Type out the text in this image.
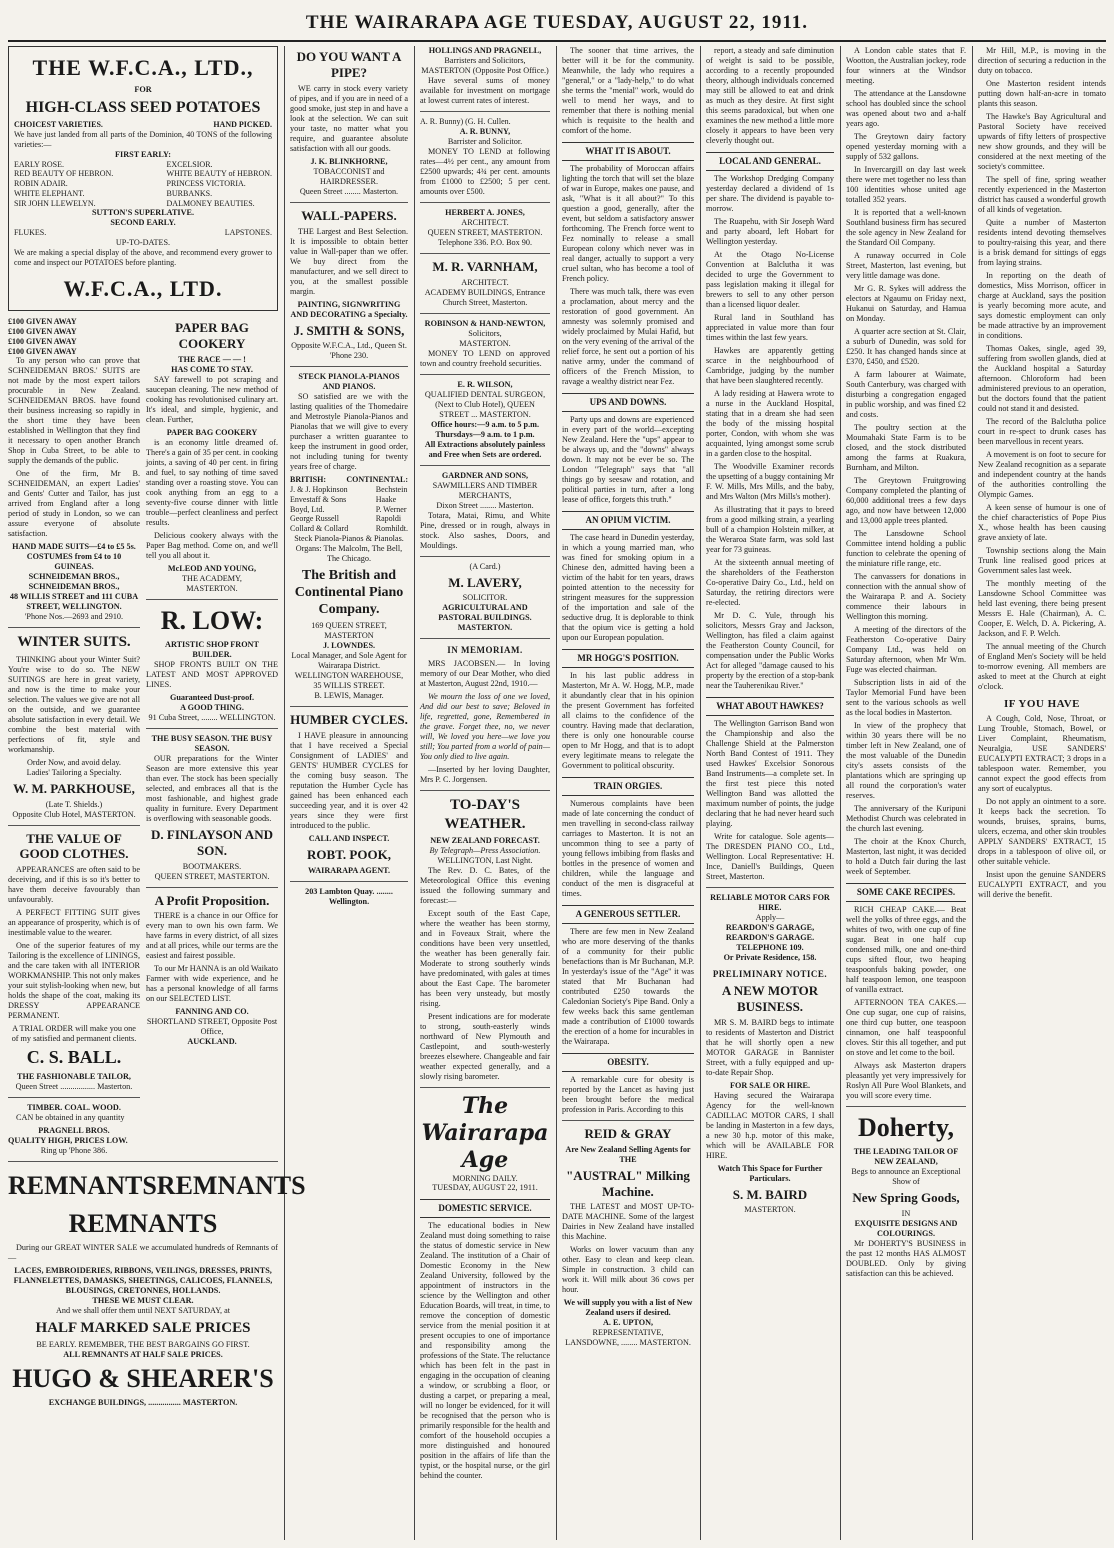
THE WAIRARAPA AGE TUESDAY, AUGUST 22, 1911.
THE W.F.C.A., LTD.,
FOR
HIGH-CLASS SEED POTATOES
CHOICEST VARIETIES.	HAND PICKED.
We have just landed from all parts of the Dominion, 40 TONS of the following varieties:—
FIRST EARLY:
EARLY ROSE.
RED BEAUTY OF HEBRON.
ROBIN ADAIR.
WHITE ELEPHANT.
SIR JOHN LLEWELYN.
EXCELSIOR.
WHITE BEAUTY of HEBRON.
PRINCESS VICTORIA.
BURBANKS.
DALMONEY BEAUTIES.
SUTTON'S SUPERLATIVE.
SECOND EARLY.
FLUKES.	LAPSTONES.
UP-TO-DATES.
We are making a special display of the above, and recommend every grower to come and inspect our POTATOES before planting.
W.F.C.A., LTD.
£100 GIVEN AWAY
£100 GIVEN AWAY
£100 GIVEN AWAY
£100 GIVEN AWAY
To any person who can prove that SCHNEIDEMAN BROS.' SUITS are not made by the most expert tailors procurable in New Zealand. SCHNEIDEMAN BROS. have found their business increasing so rapidly in the short time they have been established in Wellington that they find it necessary to open another Branch Shop in Cuba Street, to be able to supply the demands of the public.
One of the firm, Mr B. SCHNEIDEMAN, an expert Ladies' and Gents' Cutter and Tailor, has just arrived from England after a long period of study in London, so we can assure everyone of absolute satisfaction.
HAND MADE SUITS—£4 to £5 5s. COSTUMES from £4 to 10 GUINEAS.
SCHNEIDEMAN BROS., SCHNEIDEMAN BROS.,
48 WILLIS STREET and 111 CUBA STREET, WELLINGTON.
'Phone Nos.—2693 and 2910.
WINTER SUITS.
THINKING about your Winter Suit? You're wise to do so. The NEW SUITINGS are here in great variety, and now is the time to make your selection. The values we give are not all on the outside, and we guarantee absolute satisfaction in every detail. We combine the best material with perfections of fit, style and workmanship.
Order Now, and avoid delay.
Ladies' Tailoring a Specialty.
W. M. PARKHOUSE,
(Late T. Shields.)
Opposite Club Hotel, MASTERTON.
THE VALUE OF GOOD CLOTHES.
APPEARANCES are often said to be deceiving, and if this is so it's better to have them deceive favourably than unfavourably.
A PERFECT FITTING SUIT gives an appearance of prosperity, which is of inestimable value to the wearer.
One of the superior features of my Tailoring is the excellence of LININGS, and the care taken with all INTERIOR WORKMANSHIP. This not only makes your suit stylish-looking when new, but holds the shape of the coat, making its DRESSY APPEARANCE PERMANENT.
A TRIAL ORDER will make you one of my satisfied and permanent clients.
C. S. BALL.
THE FASHIONABLE TAILOR,
Queen Street ................. Masterton.
TIMBER. COAL. WOOD.
CAN be obtained in any quantity
PRAGNELL BROS.
QUALITY HIGH, PRICES LOW.
Ring up 'Phone 386.
PAPER BAG COOKERY
THE RACE — — !
HAS COME TO STAY.
SAY farewell to pot scraping and saucepan cleaning. The new method of cooking has revolutionised culinary art. It's ideal, and simple, hygienic, and clean. Further,
PAPER BAG COOKERY
is an economy little dreamed of. There's a gain of 35 per cent. in cooking joints, a saving of 40 per cent. in firing and fuel, to say nothing of time saved standing over a roasting stove. You can cook anything from an egg to a seventy-five course dinner with little trouble—perfect cleanliness and perfect results.
Delicious cookery always with the Paper Bag method. Come on, and we'll tell you all about it.
McLEOD AND YOUNG,
THE ACADEMY,
MASTERTON.
R. LOW:
ARTISTIC SHOP FRONT BUILDER.
SHOP FRONTS BUILT ON THE LATEST AND MOST APPROVED LINES.
Guaranteed Dust-proof.
A GOOD THING.
91 Cuba Street, ........ WELLINGTON.
THE BUSY SEASON. THE BUSY SEASON.
OUR preparations for the Winter Season are more extensive this year than ever. The stock has been specially selected, and embraces all that is the most fashionable, and highest grade quality in furniture. Every Department is overflowing with seasonable goods.
D. FINLAYSON AND SON.
BOOTMAKERS.
QUEEN STREET, MASTERTON.
A Profit Proposition.
THERE is a chance in our Office for every man to own his own farm. We have farms in every district, of all sizes and at all prices, while our terms are the easiest and fairest possible.
To our Mr HANNA is an old Waikato Farmer with wide experience, and he has a personal knowledge of all farms on our SELECTED LIST.
FANNING AND CO.
SHORTLAND STREET, Opposite Post Office,
AUCKLAND.
REMNANTS REMNANTS
REMNANTS
During our GREAT WINTER SALE we accumulated hundreds of Remnants of —
LACES, EMBROIDERIES, RIBBONS, VEILINGS, DRESSES, PRINTS, FLANNELETTES, DAMASKS, SHEETINGS, CALICOES, FLANNELS, BLOUSINGS, CRETONNES, HOLLANDS.
THESE WE MUST CLEAR.
And we shall offer them until NEXT SATURDAY, at
HALF MARKED SALE PRICES
BE EARLY. REMEMBER, THE BEST BARGAINS GO FIRST.
ALL REMNANTS AT HALF SALE PRICES.
HUGO & SHEARER'S
EXCHANGE BUILDINGS, ................ MASTERTON.
DO YOU WANT A PIPE?
WE carry in stock every variety of pipes, and if you are in need of a good smoke, just step in and have a look at the selection. We can suit your taste, no matter what you require, and guarantee absolute satisfaction with all our goods.
J. K. BLINKHORNE,
TOBACCONIST and HAIRDRESSER.
Queen Street ........ Masterton.
WALL-PAPERS.
THE Largest and Best Selection. It is impossible to obtain better value in Wall-paper than we offer. We buy direct from the manufacturer, and we sell direct to you, at the smallest possible margin.
PAINTING, SIGNWRITING AND DECORATING a Specialty.
J. SMITH & SONS,
Opposite W.F.C.A., Ltd., Queen St. 'Phone 230.
STECK PIANOLA-PIANOS AND PIANOS.
SO satisfied are we with the lasting qualities of the Thomedaire and Metrostyle Pianola-Pianos and Pianolas that we will give to every purchaser a written guarantee to keep the instrument in good order, not including tuning for twenty years free of charge.
BRITISH:	CONTINENTAL:
J. & J. Hopkinson
Envestaff & Sons
Boyd, Ltd.
George Russell
Collard & Collard
Bechstein
Haake
P. Werner
Rapoldi
Romhildt.
Steck Pianola-Pianos & Pianolas.
Organs: The Malcolm, The Bell, The Chicago.
The British and Continental Piano Company.
169 QUEEN STREET, MASTERTON
J. LOWNDES.
Local Manager, and Sole Agent for Wairarapa District.
WELLINGTON WAREHOUSE, 35 WILLIS STREET.
B. LEWIS, Manager.
HUMBER CYCLES.
I HAVE pleasure in announcing that I have received a Special Consignment of LADIES' and GENTS' HUMBER CYCLES for the coming busy season. The reputation the Humber Cycle has gained has been enhanced each succeeding year, and it is over 42 years since they were first introduced to the public.
CALL AND INSPECT.
ROBT. POOK,
WAIRARAPA AGENT.
203 Lambton Quay. ........ Wellington.
HOLLINGS AND PRAGNELL,
Barristers and Solicitors,
MASTERTON (Opposite Post Office.)
Have several sums of money available for investment on mortgage at lowest current rates of interest.
A. R. Bunny) (G. H. Cullen.
A. R. BUNNY,
Barrister and Solicitor.
MONEY TO LEND at following rates—4½ per cent., any amount from £2500 upwards; 4¾ per cent. amounts from £1000 to £2500; 5 per cent. amounts over £500.
HERBERT A. JONES,
ARCHITECT.
QUEEN STREET, MASTERTON.
Telephone 336. P.O. Box 90.
M. R. VARNHAM,
ARCHITECT.
ACADEMY BUILDINGS, Entrance Church Street, Masterton.
ROBINSON & HAND-NEWTON,
Solicitors,
MASTERTON.
MONEY TO LEND on approved town and country freehold securities.
E. R. WILSON,
QUALIFIED DENTAL SURGEON,
(Next to Club Hotel), QUEEN STREET ... MASTERTON.
Office hours:—9 a.m. to 5 p.m. Thursdays—9 a.m. to 1 p.m.
All Extractions absolutely painless and Free when Sets are ordered.
GARDNER AND SONS,
SAWMILLERS AND TIMBER MERCHANTS,
Dixon Street ........ Masterton.
Totara, Matai, Rimu, and White Pine, dressed or in rough, always in stock. Also sashes, Doors, and Mouldings.
(A Card.)
M. LAVERY,
SOLICITOR.
AGRICULTURAL AND PASTORAL BUILDINGS. MASTERTON.
IN MEMORIAM.
MRS JACOBSEN.— In loving memory of our Dear Mother, who died at Masterton, August 22nd, 1910.—
We mourn the loss of one we loved, And did our best to save; Beloved in life, regretted, gone, Remembered in the grave. Forget thee, no, we never will, We loved you here—we love you still; You parted from a world of pain— You only died to live again.
—Inserted by her loving Daughter, Mrs P. C. Jorgensen.
TO-DAY'S WEATHER.
NEW ZEALAND FORECAST.
By Telegraph—Press Association.
WELLINGTON, Last Night.
The Rev. D. C. Bates, of the Meteorological Office this evening issued the following summary and forecast:—
Except south of the East Cape, where the weather has been stormy, and in Foveaux Strait, where the conditions have been very unsettled, the weather has been generally fair. Moderate to strong southerly winds have predominated, with gales at times about the East Cape. The barometer has been very unsteady, but mostly rising.
Present indications are for moderate to strong, south-easterly winds northward of New Plymouth and Castlepoint, and south-westerly breezes elsewhere. Changeable and fair weather expected generally, and a slowly rising barometer.
The Wairarapa Age
MORNING DAILY.
TUESDAY, AUGUST 22, 1911.
DOMESTIC SERVICE.
The educational bodies in New Zealand must doing something to raise the status of domestic service in New Zealand. The institution of a Chair of Domestic Economy in the New Zealand University, followed by the appointment of instructors in the science by the Wellington and other Education Boards, will treat, in time, to remove the conception of domestic service from the menial position it at present occupies to one of importance and responsibility among the professions of the State. The reluctance which has been felt in the past in engaging in the occupation of cleaning a window, or scrubbing a floor, or dusting a carpet, or preparing a meal, will no longer be evidenced, for it will be recognised that the person who is primarily responsible for the health and comfort of the household occupies a more distinguished and honoured position in the affairs of life than the typist, or the hospital nurse, or the girl behind the counter.
The sooner that time arrives, the better will it be for the community. Meanwhile, the lady who requires a "general," or a "lady-help," to do what she terms the "menial" work, would do well to mend her ways, and to remember that there is nothing menial which is requisite to the health and comfort of the home.
WHAT IT IS ABOUT.
The probability of Moroccan affairs lighting the torch that will set the blaze of war in Europe, makes one pause, and ask, "What is it all about?" To this question a good, generally, after the event, but seldom a satisfactory answer forthcoming. The French force went to Fez nominally to release a small European colony which never was in real danger, actually to support a very cruel sultan, who has become a tool of French policy.
There was much talk, there was even a proclamation, about mercy and the restoration of good government. An amnesty was solemnly promised and widely proclaimed by Mulai Hafid, but on the very evening of the arrival of the relief force, he sent out a portion of his native army, under the command of officers of the French Mission, to ravage a wealthy district near Fez.
UPS AND DOWNS.
Party ups and downs are experienced in every part of the world—excepting New Zealand. Here the "ups" appear to be always up, and the "downs" always down. It may not be ever be so. The London "Telegraph" says that "all things go by seesaw and rotation, and political parties in turn, after a long lease of office, forgets this truth."
AN OPIUM VICTIM.
The case heard in Dunedin yesterday, in which a young married man, who was fined for smoking opium in a Chinese den, admitted having been a victim of the habit for ten years, draws pointed attention to the necessity for stringent measures for the suppression of the importation and sale of the seductive drug. It is deplorable to think that the opium vice is getting a hold upon our European population.
MR HOGG'S POSITION.
In his last public address in Masterton, Mr A. W. Hogg, M.P., made it abundantly clear that in his opinion the present Government has forfeited all claims to the confidence of the country. Having made that declaration, there is only one honourable course open to Mr Hogg, and that is to adopt every legitimate means to relegate the Government to political obscurity.
TRAIN ORGIES.
Numerous complaints have been made of late concerning the conduct of men travelling in second-class railway carriages to Masterton. It is not an uncommon thing to see a party of young fellows imbibing from flasks and bottles in the presence of women and children, while the language and conduct of the men is disgraceful at times.
A GENEROUS SETTLER.
There are few men in New Zealand who are more deserving of the thanks of a community for their public benefactions than is Mr Buchanan, M.P. In yesterday's issue of the "Age" it was stated that Mr Buchanan had contributed £250 towards the Caledonian Society's Pipe Band. Only a few weeks back this same gentleman made a contribution of £1000 towards the erection of a home for incurables in the Wairarapa.
OBESITY.
A remarkable cure for obesity is reported by the Lancet as having just been brought before the medical profession in Paris. According to this
REID & GRAY
Are New Zealand Selling Agents for THE
"AUSTRAL" Milking Machine.
THE LATEST and MOST UP-TO-DATE MACHINE. Some of the largest Dairies in New Zealand have installed this Machine.
Works on lower vacuum than any other. Easy to clean and keep clean. Simple in construction. 3 child can work it. Will milk about 36 cows per hour.
We will supply you with a list of New Zealand users if desired.
A. E. UPTON,
REPRESENTATIVE,
LANSDOWNE, ........ MASTERTON.
report, a steady and safe diminution of weight is said to be possible, according to a recently propounded theory, although individuals concerned may still be allowed to eat and drink as much as they desire. At first sight this seems paradoxical, but when one examines the new method a little more closely it appears to have been very cleverly thought out.
LOCAL AND GENERAL.
The Workshop Dredging Company yesterday declared a dividend of 1s per share. The dividend is payable to-morrow.
The Ruapehu, with Sir Joseph Ward and party aboard, left Hobart for Wellington yesterday.
At the Otago No-License Convention at Balclutha it was decided to urge the Government to pass legislation making it illegal for brewers to sell to any other person than a licensed liquor dealer.
Rural land in Southland has appreciated in value more than four times within the last few years.
Hawkes are apparently getting scarce in the neighbourhood of Cambridge, judging by the number that have been slaughtered recently.
A lady residing at Hawera wrote to a nurse in the Auckland Hospital, stating that in a dream she had seen the body of the missing hospital porter, Condon, with whom she was acquainted, lying amongst some scrub in a garden close to the hospital.
The Woodville Examiner records the upsetting of a buggy containing Mr F. W. Mills, Mrs Mills, and the baby, and Mrs Walton (Mrs Mills's mother).
As illustrating that it pays to breed from a good milking strain, a yearling bull of a champion Holstein milker, at the Weraroa State farm, was sold last year for 73 guineas.
At the sixteenth annual meeting of the shareholders of the Featherston Co-operative Dairy Co., Ltd., held on Saturday, the retiring directors were re-elected.
Mr D. C. Yule, through his solicitors, Messrs Gray and Jackson, Wellington, has filed a claim against the Featherston County Council, for compensation under the Public Works Act for alleged "damage caused to his property by the erection of a stop-bank near the Tauherenikau River."
WHAT ABOUT HAWKES?
The Wellington Garrison Band won the Championship and also the Challenge Shield at the Palmerston North Band Contest of 1911. They used Hawkes' Excelsior Sonorous Band Instruments—a complete set. In the first test piece this noted Wellington Band was allotted the maximum number of points, the judge declaring that he had never heard such playing.
Write for catalogue. Sole agents—The DRESDEN PIANO CO., Ltd., Wellington. Local Representative: H. Ince, Daniell's Buildings, Queen Street, Masterton.
RELIABLE MOTOR CARS FOR HIRE.
Apply—
REARDON'S GARAGE, REARDON'S GARAGE.
TELEPHONE 109.
Or Private Residence, 158.
PRELIMINARY NOTICE.
A NEW MOTOR BUSINESS.
MR S. M. BAIRD begs to intimate to residents of Masterton and District that he will shortly open a new MOTOR GARAGE in Bannister Street, with a fully equipped and up-to-date Repair Shop.
FOR SALE OR HIRE.
Having secured the Wairarapa Agency for the well-known CADILLAC MOTOR CARS, I shall be landing in Masterton in a few days, a new 30 h.p. motor of this make, which will be AVAILABLE FOR HIRE.
Watch This Space for Further Particulars.
S. M. BAIRD
MASTERTON.
A London cable states that F. Wootton, the Australian jockey, rode four winners at the Windsor meeting.
The attendance at the Lansdowne school has doubled since the school was opened about two and a-half years ago.
The Greytown dairy factory opened yesterday morning with a supply of 532 gallons.
In Invercargill on day last week there were met together no less than 100 identities whose united age totalled 352 years.
It is reported that a well-known Southland business firm has secured the sole agency in New Zealand for the Standard Oil Company.
A runaway occurred in Cole Street, Masterton, last evening, but very little damage was done.
Mr G. R. Sykes will address the electors at Ngaumu on Friday next, Hukanui on Saturday, and Hamua on Monday.
A quarter acre section at St. Clair, a suburb of Dunedin, was sold for £250. It has changed hands since at £370, £450, and £520.
A farm labourer at Waimate, South Canterbury, was charged with disturbing a congregation engaged in public worship, and was fined £2 and costs.
The poultry section at the Moumahaki State Farm is to be closed, and the stock distributed among the farms at Ruakura, Burnham, and Milton.
The Greytown Fruitgrowing Company completed the planting of 60,000 additional trees a few days ago, and now have between 12,000 and 13,000 apple trees planted.
The Lansdowne School Committee intend holding a public function to celebrate the opening of the miniature rifle range, etc.
The canvassers for donations in connection with the annual show of the Wairarapa P. and A. Society commence their labours in Wellington this morning.
A meeting of the directors of the Featherston Co-operative Dairy Company Ltd., was held on Saturday afternoon, when Mr Wm. Fuge was elected chairman.
Subscription lists in aid of the Taylor Memorial Fund have been sent to the various schools as well as the local bodies in Masterton.
In view of the prophecy that within 30 years there will be no timber left in New Zealand, one of the most valuable of the Dunedin city's assets consists of the plantations which are springing up all round the corporation's water reserves.
The anniversary of the Kuripuni Methodist Church was celebrated in the church last evening.
The choir at the Knox Church, Masterton, last night, it was decided to hold a Dutch fair during the last week of September.
SOME CAKE RECIPES.
RICH CHEAP CAKE.— Beat well the yolks of three eggs, and the whites of two, with one cup of fine sugar. Beat in one half cup condensed milk, one and one-third cups sifted flour, two heaping teaspoonfuls baking powder, one half teaspoon lemon, one teaspoon of vanilla extract.
AFTERNOON TEA CAKES.—One cup sugar, one cup of raisins, one third cup butter, one teaspoon cinnamon, one half teaspoonful cloves. Stir this all together, and put on stove and let come to the boil.
Always ask Masterton drapers pleasantly yet very impressively for Roslyn All Pure Wool Blankets, and you will score every time.
Doherty,
THE LEADING TAILOR OF NEW ZEALAND,
Begs to announce an Exceptional Show of
New Spring Goods,
IN
EXQUISITE DESIGNS AND COLOURINGS.
Mr DOHERTY'S BUSINESS in the past 12 months HAS ALMOST DOUBLED. Only by giving satisfaction can this be achieved.
Mr Hill, M.P., is moving in the direction of securing a reduction in the duty on tobacco.
One Masterton resident intends putting down half-an-acre in tomato plants this season.
The Hawke's Bay Agricultural and Pastoral Society have received upwards of fifty letters of prospective new show grounds, and they will be considered at the next meeting of the society's committee.
The spell of fine, spring weather recently experienced in the Masterton district has caused a wonderful growth of all kinds of vegetation.
Quite a number of Masterton residents intend devoting themselves to poultry-raising this year, and there is a brisk demand for sittings of eggs from laying strains.
In reporting on the death of domestics, Miss Morrison, officer in charge at Auckland, says the position is yearly becoming more acute, and says domestic employment can only be made attractive by an improvement in conditions.
Thomas Oakes, single, aged 39, suffering from swollen glands, died at the Auckland hospital a Saturday afternoon. Chloroform had been administered previous to an operation, but the doctors found that the patient could not stand it and desisted.
The record of the Balclutha police court in re-spect to drunk cases has been marvellous in recent years.
A movement is on foot to secure for New Zealand recognition as a separate and independent country at the hands of the authorities controlling the Olympic Games.
A keen sense of humour is one of the chief characteristics of Pope Pius X., whose health has been causing grave anxiety of late.
Township sections along the Main Trunk line realised good prices at Government sales last week.
The monthly meeting of the Lansdowne School Committee was held last evening, there being present Messrs E. Hale (Chairman), A. C. Cooper, E. Welch, D. A. Pickering, A. Jackson, and F. P. Welch.
The annual meeting of the Church of England Men's Society will be held to-morrow evening. All members are asked to meet at the Church at eight o'clock.
IF YOU HAVE
A Cough, Cold, Nose, Throat, or Lung Trouble, Stomach, Bowel, or Liver Complaint, Rheumatism, Neuralgia, USE SANDERS' EUCALYPTI EXTRACT; 3 drops in a tablespoon water. Remember, you cannot expect the good effects from any sort of eucalyptus.
Do not apply an ointment to a sore. It keeps back the secretion. To wounds, bruises, sprains, burns, ulcers, eczema, and other skin troubles APPLY SANDERS' EXTRACT, 15 drops in a tablespoon of olive oil, or other suitable vehicle.
Insist upon the genuine SANDERS EUCALYPTI EXTRACT, and you will derive the benefit.
